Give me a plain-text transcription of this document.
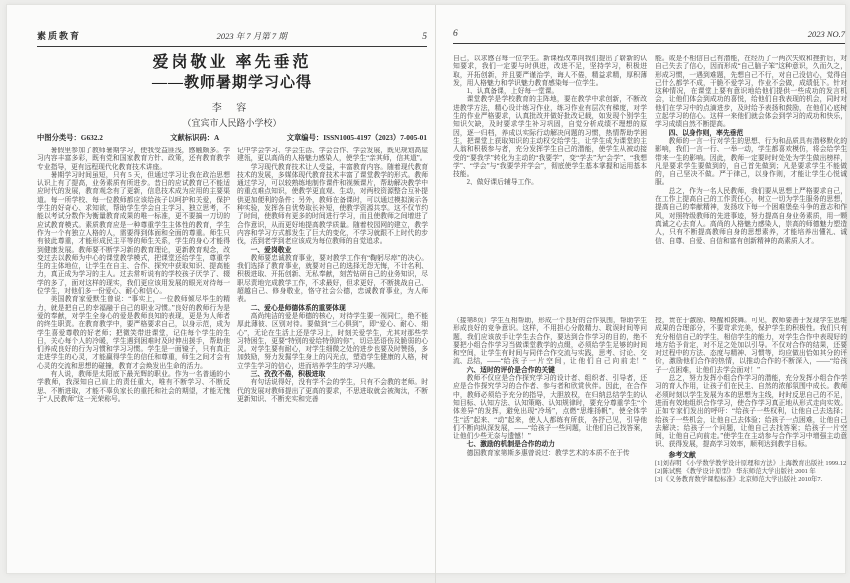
素质教育	2023 年 7 月第 7 期	5
爱岗敬业 率先垂范
——教师暑期学习心得
李 容
（宜宾市人民路小学校）
中图分类号：G632.2	文献标识码：A	文章编号：ISSN1005-4197（2023）7-005-01
暑假里参加了教师暑期学习，使我受益匪浅，感触颇多。学习内容丰富多彩，既有党和国家教育方针、政策，还有教育教学专业指导，更有远程现代化教育技术讲座。
暑期学习时间虽短，只有 5 天，但通过学习让我在政治思想认识上有了提高，业务素质有所进步。昔日的应试教育已不能适应时代的发展，教育观念有了更新，信息技术成为应用的主要渠道。每一所学校、每一位教师都应该给孩子以呵护和关爱，保护学生的好奇心、求知欲，帮助学生学会自主学习、独立思考，不能以考试分数作为衡量教育成果的唯一标准，更不要搞一刀切的应试教育模式。素质教育应是一种尊重学生主体性的教育，学生作为一个有独立人格的人，需要得到体面和全面的尊重。师生只有彼此尊重，才能形成民主平等的师生关系，学生的身心才能得到健康发展。教师要不断学习新的教育理论，更新教育观念，改变过去以教师为中心的课堂教学模式，把课堂还给学生，尊重学生的主体地位，让学生在自主、合作、探究中获取知识、提高能力，真正成为学习的主人。过去常听说有的学校孩子厌学了、辍学的多了，面对这样的现实，我们更应该用发展的眼光对待每一位学生，对他们多一份爱心、耐心和信心。
美国教育家爱默生曾说：“事实上，一位教师倾尽毕生的精力，就是把自己的幸福融于自己的职业习惯。”良好的教师行为是爱的奉献，对学生全身心的爱是教师良知的表现，更是为人师者的终生职责。在教育教学中，要严格要求自己，以身示范，成为学生喜爱尊敬的好老师；把微笑带进课堂，记住每个学生的生日，关心每个人的冷暖，学生遇到困难时及时伸出援手，帮助他们养成良好的行为习惯和学习习惯。学生是一面镜子，只有真正走进学生的心灵，才能赢得学生的信任和尊重，师生之间才会有心灵的交流和思想的碰撞，教育才会焕发出生命的活力。
有人说，教师是太阳底下最光辉的职业。作为一名普通的小学教师，我深知自己肩上的责任重大，唯有不断学习、不断反思、不断进取，才能不辜负家长的重托和社会的期望，才能无愧于“人民教师”这一光荣称号。
记中学会学习、学会生活、学会合作、学会发展，既见规划高屋建瓴，更以高尚的人格魅力感染人，使学生“亲其师，信其道”。
学习现代教育技术让人受益，丰富教育内容。随着现代教育技术的发展，多媒体现代教育技术丰富了课堂教学的形式。教师通过学习，可以较熟练地制作课件和视频课片，帮助解决教学中的重点难点知识，使教学更直观、生动，对两校资源整合互补提供更加便利的条件；另外，教师在备课时，可以通过模拟演示各种实验，发挥各自优势取长补短，使教学资源共享。这不仅节约了时间，使教师有更多的时间进行学习，而且使教师之间增进了合作意识，从而更好地提高教学质量。随着校园网的建立，教学内容和学习方式都发生了巨大的变化，不学习就跟不上时代的步伐，活到老学到老应该成为每位教师的自觉追求。
一、爱岗敬业
教师要忠诚教育事业，要对教学工作有“鞠躬尽瘁”的决心。我们选择了教育事业，就要对自己的选择无怨无悔，不计名利、积极进取、开拓创新、无私奉献，刻苦钻研自己的业务知识，尽职尽责地完成教学工作，不求最好，但求更好，不断挑战自己、超越自己、修身敬业，恪守社会公德，忠诚教育事业，为人师表。
二、爱心是师德体系的重要体现
高尚纯洁的爱是师德的核心，对待学生要一视同仁，绝不能厚此薄彼、区别对待。要做到“三心俱到”，即“爱心、耐心、细心”，无论在生活上还是学习上，时刻关爱学生，尤其对那些学习特困生，更要“特别的爱给特别的你”，切忌恶语伤及脆弱的心灵。对学生要有耐心，对学生细微之处的进步也要及时赞扬，多加鼓励，努力发掘学生身上的闪光点，塑造学生健康的人格，树立学生学习的信心，进而培养学生的学习兴趣。
三、孜孜不倦，积极进取
有句话说得好，没有学不会的学生，只有不会教的老师。时代的发展对教师提出了更高的要求，不思进取就会被淘汰，不断更新知识、不断充实和完善
6	2023 NO.7
自己，以求感召每一位学生。新课程改革向我们提出了崭新的认知要求，我们一定要与时俱进，改进不足，坚持学习，积极进取，开拓创新，并且要严谨治学，诲人不倦，精益求精，厚积薄发，用人格魅力和学识魅力教育感染每一位学生。
1、认真备课，上好每一堂课。
课堂教学是学校教育的主阵地，要在教学中求创新，不断改进教学方法，精心设计练习作业，练习作业有层次有梯度，对学生的作业严格要求，认真批改并做好批改记载，如发现个别学生知识欠缺，及时要求学生补习巩固，自觉分析成绩不理想的原因，逐一归档，养成以实际行动解决问题的习惯，热情帮助学困生，把课堂上获取知识的主动权交给学生，让学生成为课堂的主人翁和积极参与者，充分发挥学生自己的潜能，使学生从被动接受的“要我学”转化为主动的“我要学”，变“学去”为“会学”、“我想学”、“学会”与“我要学并学会”，彻底使学生基本掌握和运用基本技能。
2、做好课后辅导工作。
能。或是不相信自己有潜能，在经历了一两次失败和挫折后，对自己失去了信心，因而形成“自己脑子笨”这种意识，久而久之，形成习惯，一遇到难题，先想自己不行，对自己没信心，觉得自己什么都学不成，干脆不爱学习，作业不会做，成绩低下。针对这种情况，在课堂上要有意识地给他们提供一些成功的发言机会，让他们体会到成功的喜悦，给他们自我表现的机会，同时对他们在学习中的点滴进步，及时给予表扬和鼓励，在他们心底树立起学习的信心。这样一来他们就会体会到学习的成功和快乐，学习成绩自然不断提高。
四、以身作则，率先垂范
教师的一言一行对学生的思想、行为和品质具有潜移默化的影响，我们一言一行、一举一动，学生都喜欢模仿，将会给学生带来一生的影响。因此，教师一定要时时处处为学生做出榜样，凡是要求学生要做到的，自己首先做到；凡是要求学生不能做的，自己坚决不做。严于律己，以身作则，才能让学生心悦诚服。
总之，作为一名人民教师，我们要从思想上严格要求自己，在工作上提高自己的工作责任心，树立一切为学生服务的思想，提高自己的奉献精神，发扬攻下每一个困难堡垒斗争的意志和作风，对照特级教师的先进事迹，努力提高自身业务素质，用一颗真诚之心去育人。高尚的人格魅力感染人，崇高的师德魅力塑造人，只有不断提高教师自身的思想素养，才能培养出懂礼、诚信、自尊、自爱、自信和富有创新精神的高素质人才。
（接第8页）学生互相帮助，形成一个良好的合作氛围，帮助学生形成良好的竞争意识。这样，不用担心分散精力、耽误时间等问题，我们应该放手让学生去合作，要达到合作学习的目的，绝不要把小组合作学习当做课堂教学的点缀，必须给学生足够的时间和空间，让学生有时间与同伴合作交流与实践，思考、讨论、交流、总结，——“给 孩 子 一 片 空 间 ，让 他 们 自 己 向 前 走！”
六、适时的评价是合作的关键
教师不仅应是合作探究学习的设计者、组织者、引导者，还应是合作探究学习的合作者、参与者和欣赏伙伴。因此，在合作中，教师必须给予充分的指导，大胆放权，在归纳总结学生的认知目标、认知方法、认知策略、认知规律时，要充分尊重学生“个体差异”的发挥，避免出现“冷场”，点燃“思维扬帆”，使全体学生“活”起来、“动”起来，使人人都练有所获，各抒己见，引导他们不断向纵深发展，——“给孩子一些问题，让他们自己找答案，让他们少些无奈与遗憾！”
七、激励的机制是合作的动力
德国教育家第斯多惠曾说过：教学艺术的本质不在于传
授，贵在于激励、唤醒和鼓舞。可见，教师要善于发现学生思维成果的合理部分，不要苛求完美，保护学生的积极性。我们只有充分相信自己的学生，相信学生的能力，对学生合作中表现好的地方给予肯定，对不足之处加以引导。不仅对合作的结果，还要对过程中的方法、态度与精神、习惯等，均应做出恰如其分的评价，激励他们合作的热情，以推动合作的不断深入，——“给孩子一点困难，让他们去学会面对！”
总之，努力发挥小组合作学习的潜能，充分发挥小组合作学习的育人作用，让孩子们在民主、自然的浓郁氛围中成长。教师必须时刻以学生发展为本的思想为主线，时时反思自己的不足，进而有效地组织合作学习，使合作学习真正地从形式走向实效。正如专家们发出的呼吁：“给孩子一些权利，让他自己去选择；给孩子一些机会，让他自己去体验；给孩子一点困难，让他自己去解决；给孩子一个问题，让他自己去找答案；给孩子一片空间，让他自己向前走。”使学生在主动参与合作学习中增强主动意识、获得发展，提高学习效率，顺利达到教学目标。
参考文献
[1]刘春明 《小学数学教学设计原理和方法》上海教育出版社 1999.12
[2]陈试熙 《教学设计原型》 华东师范大学出版社 2001 年
[3]《义务教育数学课程标准》北京师范大学出版社 2010年7.
